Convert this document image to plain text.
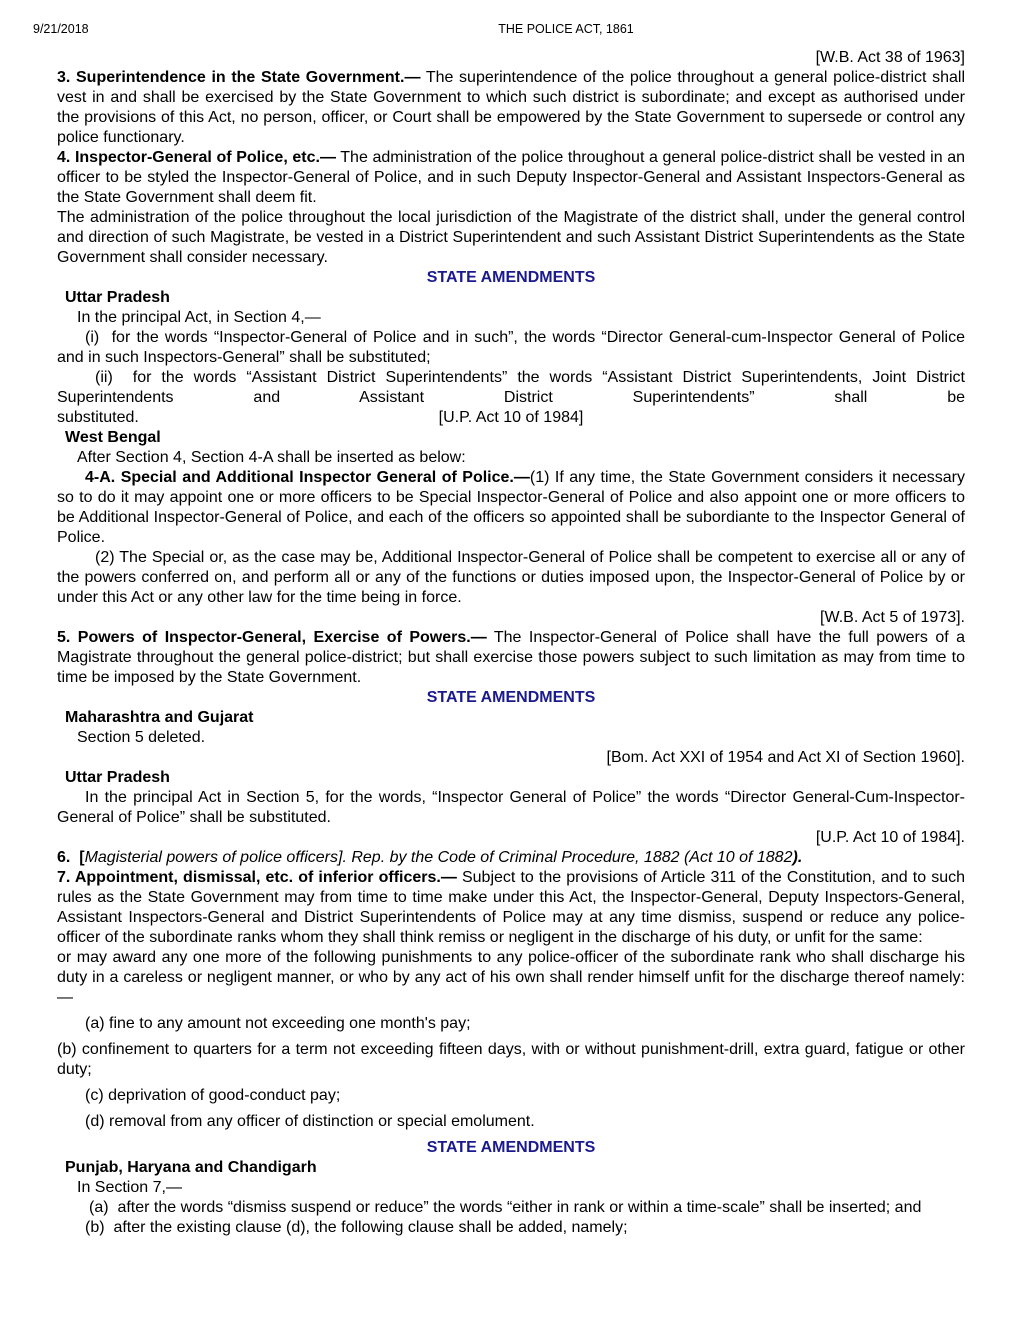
9/21/2018	THE POLICE ACT, 1861
[W.B. Act 38 of 1963]
3. Superintendence in the State Government.— The superintendence of the police throughout a general police-district shall vest in and shall be exercised by the State Government to which such district is subordinate; and except as authorised under the provisions of this Act, no person, officer, or Court shall be empowered by the State Government to supersede or control any police functionary.
4. Inspector-General of Police, etc.— The administration of the police throughout a general police-district shall be vested in an officer to be styled the Inspector-General of Police, and in such Deputy Inspector-General and Assistant Inspectors-General as the State Government shall deem fit.
The administration of the police throughout the local jurisdiction of the Magistrate of the district shall, under the general control and direction of such Magistrate, be vested in a District Superintendent and such Assistant District Superintendents as the State Government shall consider necessary.
STATE AMENDMENTS
Uttar Pradesh
In the principal Act, in Section 4,—
(i)  for the words “Inspector-General of Police and in such”, the words “Director General-cum-Inspector General of Police and in such Inspectors-General” shall be substituted;
(ii)  for the words “Assistant District Superintendents” the words “Assistant District Superintendents, Joint District Superintendents and Assistant District Superintendents” shall be
substituted.	[U.P. Act 10 of 1984]
West Bengal
After Section 4, Section 4-A shall be inserted as below:
4-A. Special and Additional Inspector General of Police.—(1) If any time, the State Government considers it necessary so to do it may appoint one or more officers to be Special Inspector-General of Police and also appoint one or more officers to be Additional Inspector-General of Police, and each of the officers so appointed shall be subordiante to the Inspector General of Police.
(2) The Special or, as the case may be, Additional Inspector-General of Police shall be competent to exercise all or any of the powers conferred on, and perform all or any of the functions or duties imposed upon, the Inspector-General of Police by or under this Act or any other law for the time being in force.
[W.B. Act 5 of 1973].
5. Powers of Inspector-General, Exercise of Powers.— The Inspector-General of Police shall have the full powers of a Magistrate throughout the general police-district; but shall exercise those powers subject to such limitation as may from time to time be imposed by the State Government.
STATE AMENDMENTS
Maharashtra and Gujarat
Section 5 deleted.
[Bom. Act XXI of 1954 and Act XI of Section 1960].
Uttar Pradesh
In the principal Act in Section 5, for the words, “Inspector General of Police” the words “Director General-Cum-Inspector-General of Police” shall be substituted.
[U.P. Act 10 of 1984].
6.  [Magisterial powers of police officers]. Rep. by the Code of Criminal Procedure, 1882 (Act 10 of 1882).
7. Appointment, dismissal, etc. of inferior officers.— Subject to the provisions of Article 311 of the Constitution, and to such rules as the State Government may from time to time make under this Act, the Inspector-General, Deputy Inspectors-General, Assistant Inspectors-General and District Superintendents of Police may at any time dismiss, suspend or reduce any police-officer of the subordinate ranks whom they shall think remiss or negligent in the discharge of his duty, or unfit for the same:
or may award any one more of the following punishments to any police-officer of the subordinate rank who shall discharge his duty in a careless or negligent manner, or who by any act of his own shall render himself unfit for the discharge thereof namely:—
(a) fine to any amount not exceeding one month's pay;
(b) confinement to quarters for a term not exceeding fifteen days, with or without punishment-drill, extra guard, fatigue or other duty;
(c) deprivation of good-conduct pay;
(d) removal from any officer of distinction or special emolument.
STATE AMENDMENTS
Punjab, Haryana and Chandigarh
In Section 7,—
(a)  after the words “dismiss suspend or reduce” the words “either in rank or within a time-scale” shall be inserted; and
(b)  after the existing clause (d), the following clause shall be added, namely;
